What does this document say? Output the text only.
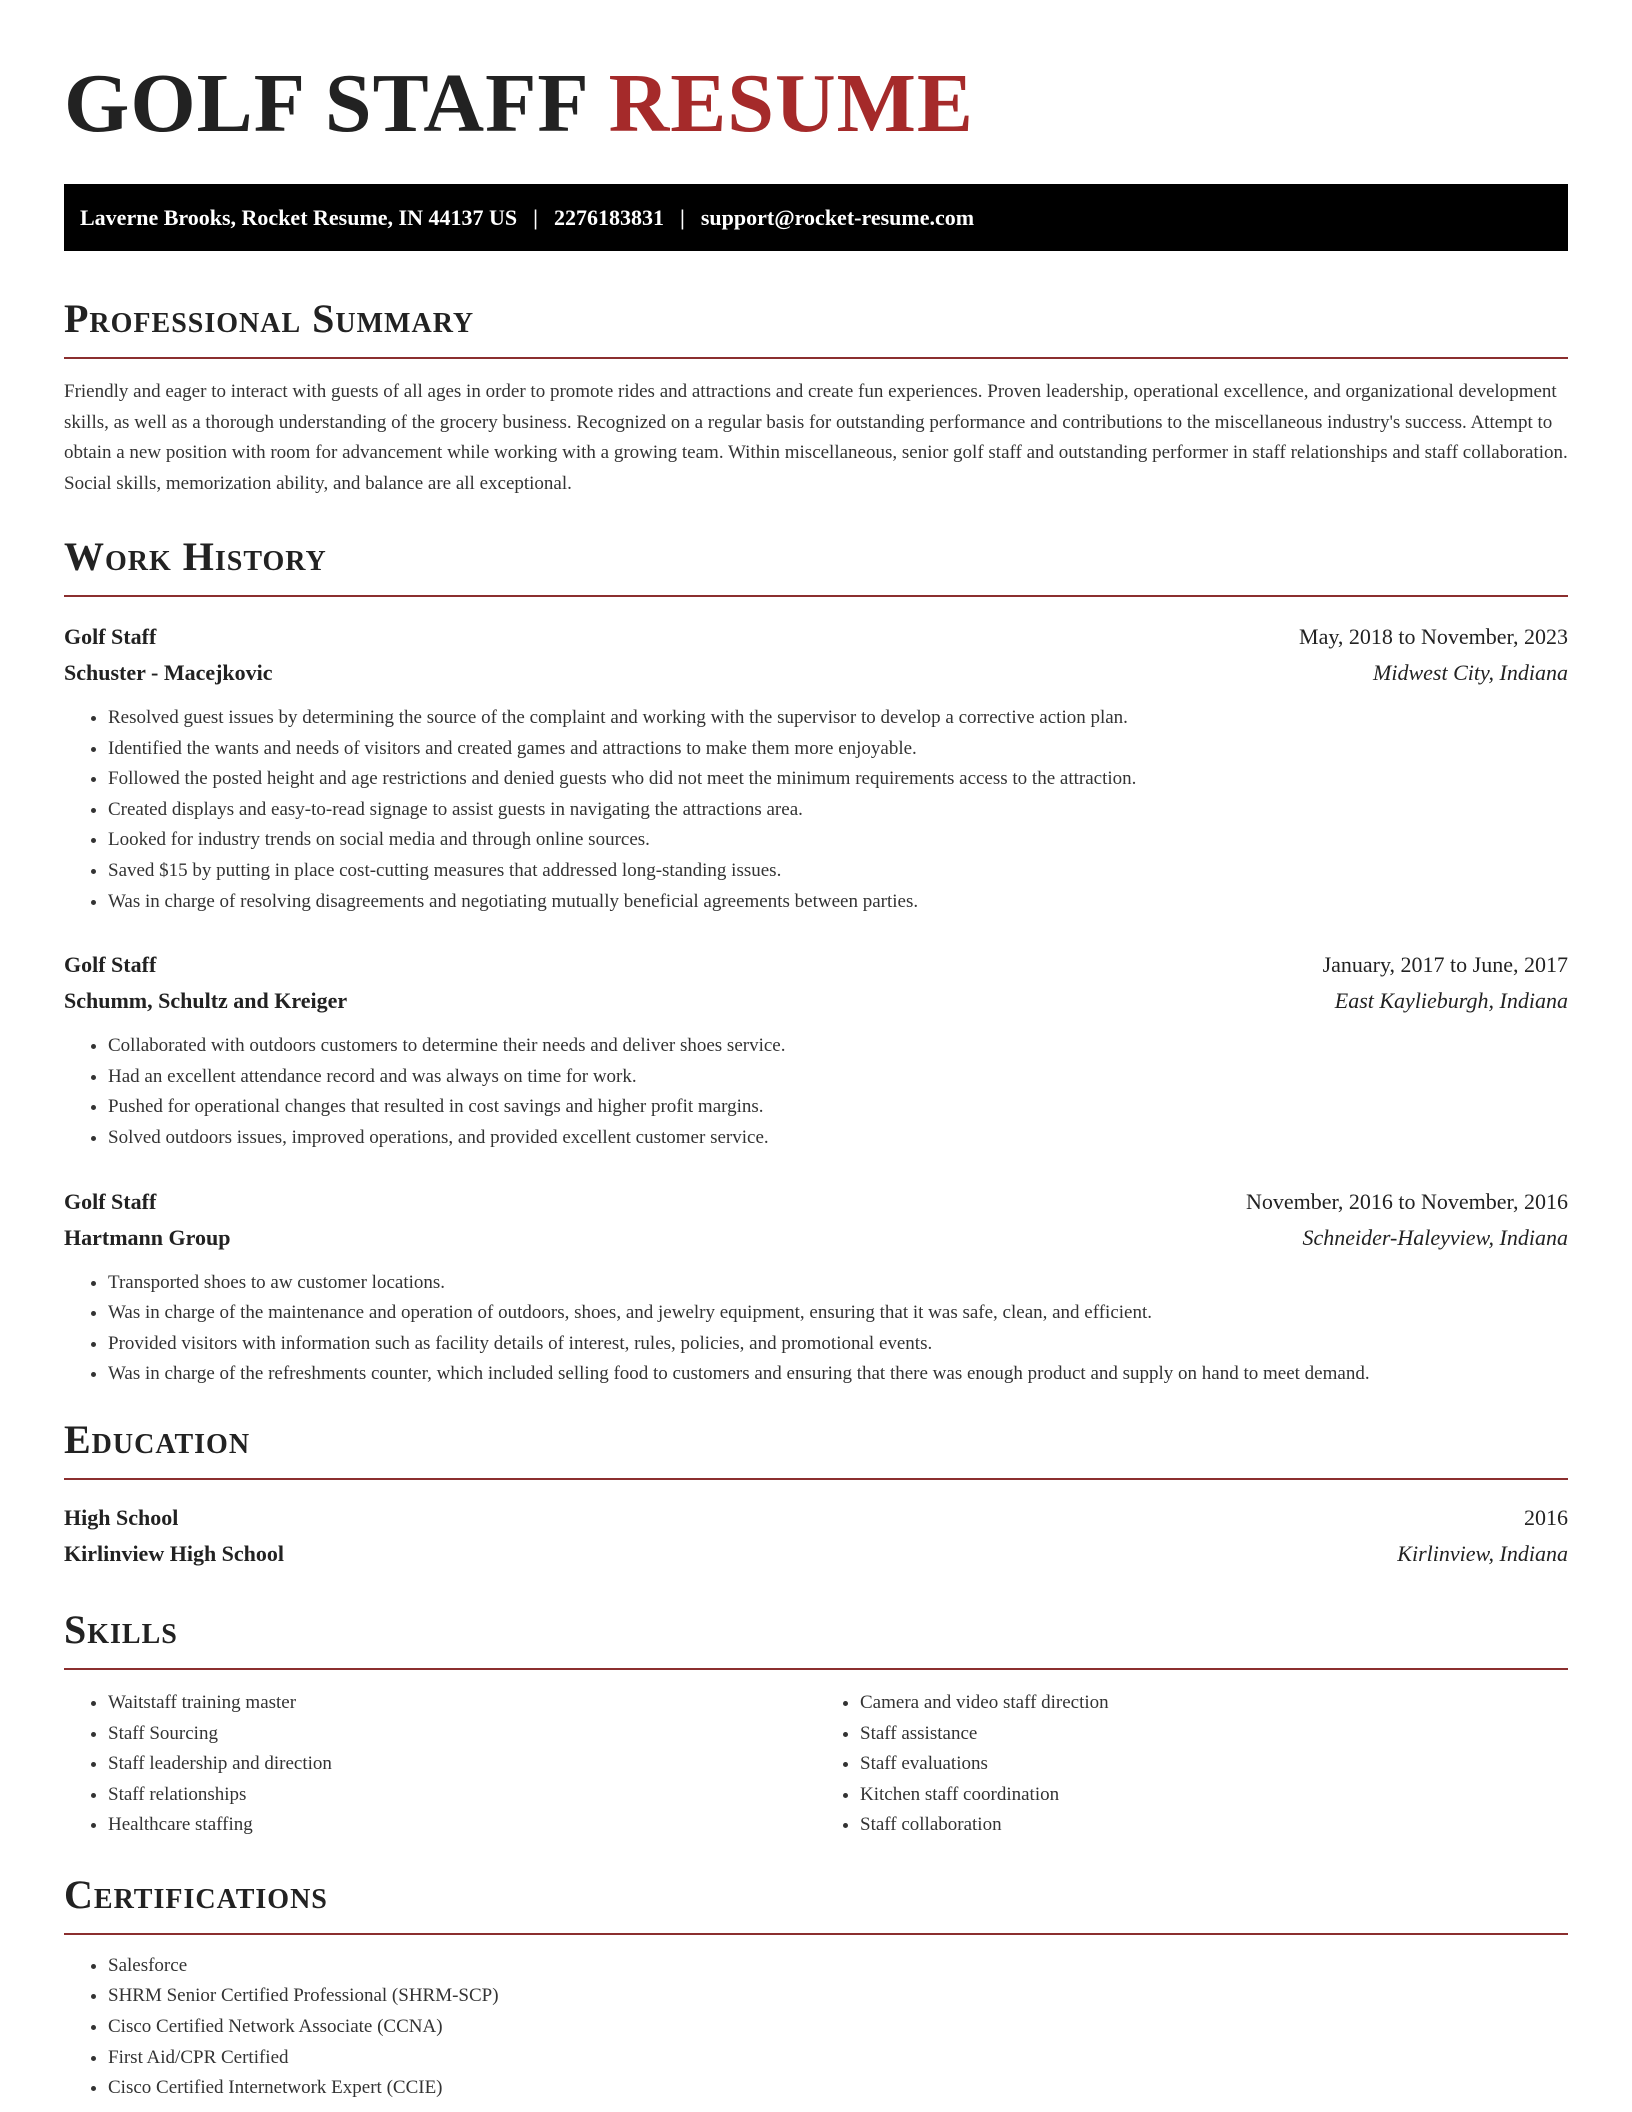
GOLF STAFF RESUME
Laverne Brooks, Rocket Resume, IN 44137 US | 2276183831 | support@rocket-resume.com
Professional Summary

Friendly and eager to interact with guests of all ages in order to promote rides and attractions and create fun experiences. Proven leadership, operational excellence, and organizational development skills, as well as a thorough understanding of the grocery business. Recognized on a regular basis for outstanding performance and contributions to the miscellaneous industry's success. Attempt to obtain a new position with room for advancement while working with a growing team. Within miscellaneous, senior golf staff and outstanding performer in staff relationships and staff collaboration. Social skills, memorization ability, and balance are all exceptional.

Work History
Golf Staff	May, 2018 to November, 2023
Schuster - Macejkovic	Midwest City, Indiana
• Resolved guest issues by determining the source of the complaint and working with the supervisor to develop a corrective action plan.
• Identified the wants and needs of visitors and created games and attractions to make them more enjoyable.
• Followed the posted height and age restrictions and denied guests who did not meet the minimum requirements access to the attraction.
• Created displays and easy-to-read signage to assist guests in navigating the attractions area.
• Looked for industry trends on social media and through online sources.
• Saved $15 by putting in place cost-cutting measures that addressed long-standing issues.
• Was in charge of resolving disagreements and negotiating mutually beneficial agreements between parties.
Golf Staff	January, 2017 to June, 2017
Schumm, Schultz and Kreiger	East Kaylieburgh, Indiana
• Collaborated with outdoors customers to determine their needs and deliver shoes service.
• Had an excellent attendance record and was always on time for work.
• Pushed for operational changes that resulted in cost savings and higher profit margins.
• Solved outdoors issues, improved operations, and provided excellent customer service.
Golf Staff	November, 2016 to November, 2016
Hartmann Group	Schneider-Haleyview, Indiana
• Transported shoes to aw customer locations.
• Was in charge of the maintenance and operation of outdoors, shoes, and jewelry equipment, ensuring that it was safe, clean, and efficient.
• Provided visitors with information such as facility details of interest, rules, policies, and promotional events.
• Was in charge of the refreshments counter, which included selling food to customers and ensuring that there was enough product and supply on hand to meet demand.
Education
High School	2016
Kirlinview High School	Kirlinview, Indiana
Skills
• Waitstaff training master
• Staff Sourcing
• Staff leadership and direction
• Staff relationships
• Healthcare staffing
• Camera and video staff direction
• Staff assistance
• Staff evaluations
• Kitchen staff coordination
• Staff collaboration
Certifications
• Salesforce
• SHRM Senior Certified Professional (SHRM-SCP)
• Cisco Certified Network Associate (CCNA)
• First Aid/CPR Certified
• Cisco Certified Internetwork Expert (CCIE)
